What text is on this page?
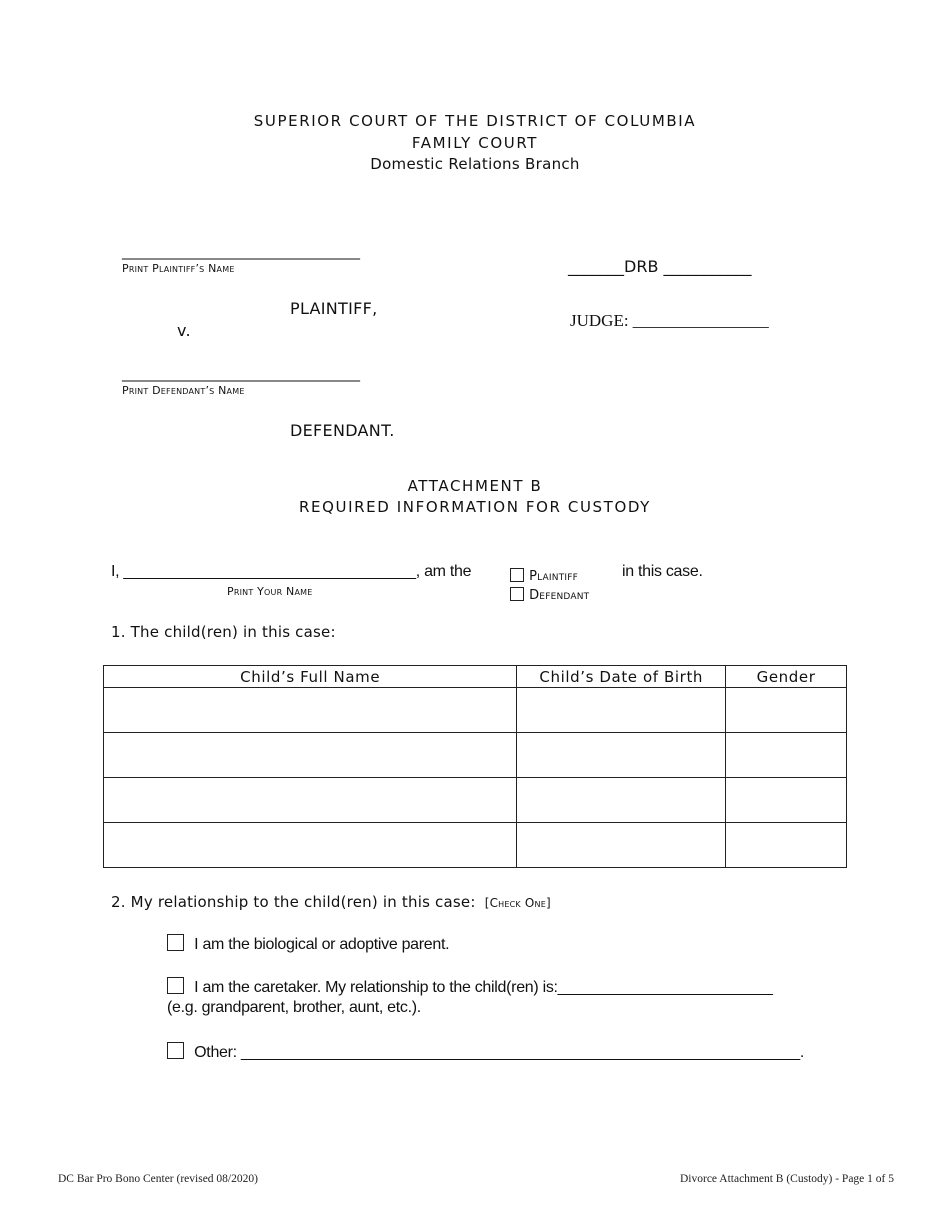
SUPERIOR COURT OF THE DISTRICT OF COLUMBIA
FAMILY COURT
Domestic Relations Branch
__________________________________
Print Plaintiff’s Name
PLAINTIFF,
v.
__________________________________
Print Defendant’s Name
DEFENDANT.
_______DRB ___________
JUDGE: ________________
ATTACHMENT B
REQUIRED INFORMATION FOR CUSTODY
I, __________________________________, am the
Print Your Name
Plaintiff
Defendant
in this case.
1. The child(ren) in this case:
Child’s Full Name	Child’s Date of Birth	Gender

2. My relationship to the child(ren) in this case: [Check One]
I am the biological or adoptive parent.
I am the caretaker. My relationship to the child(ren) is:_________________________
(e.g. grandparent, brother, aunt, etc.).
Other: _________________________________________________________________.
DC Bar Pro Bono Center (revised 08/2020)	Divorce Attachment B (Custody) - Page 1 of 5
